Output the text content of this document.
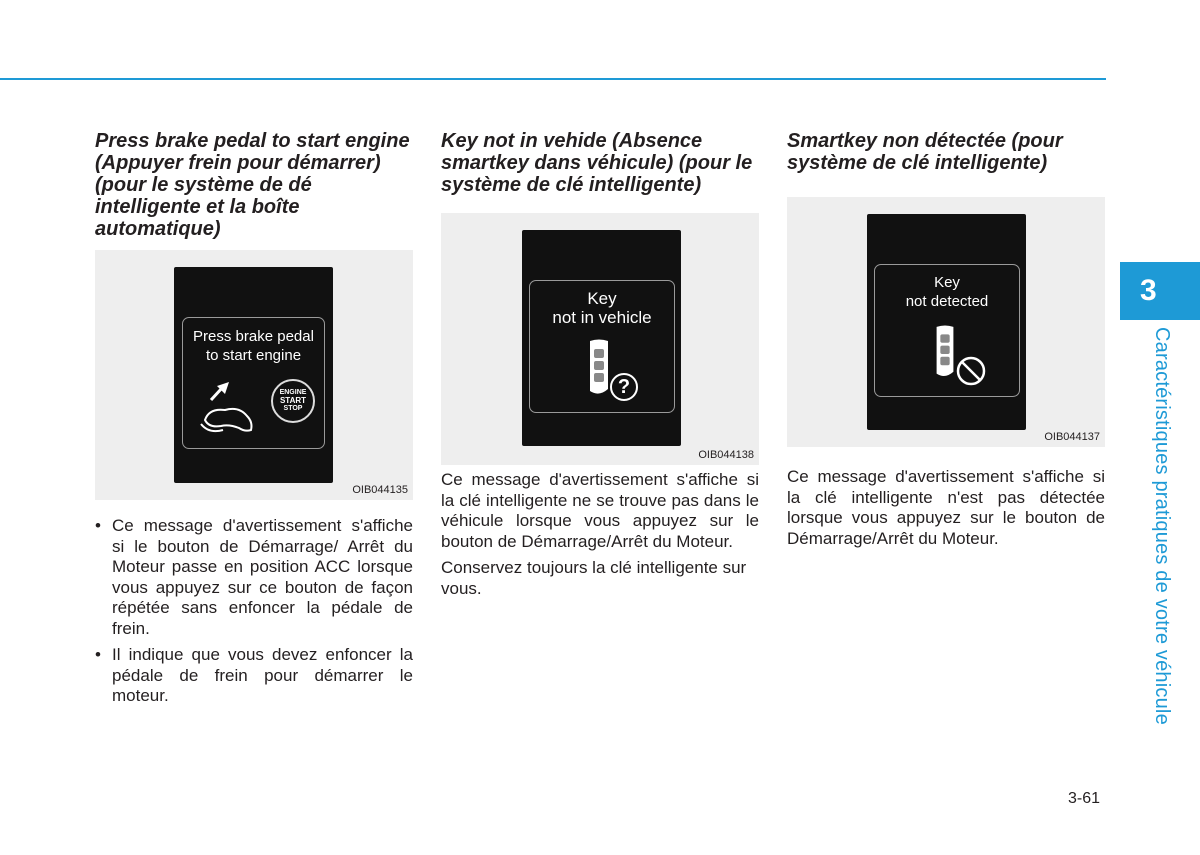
3
Caractéristiques pratiques de votre véhicule

Press brake pedal to start engine (Appuyer frein pour démarrer) (pour le système de dé intelligente et la boîte automatique)

Press brake pedal
to start engine
ENGINE
START
STOP
OIB044135
• Ce message d'avertissement s'affiche si le bouton de Démarrage/ Arrêt du Moteur passe en position ACC lorsque vous appuyez sur ce bouton de façon répétée sans enfoncer la pédale de frein.
• Il indique que vous devez enfoncer la pédale de frein pour démarrer le moteur.

Key not in vehide (Absence smartkey dans véhicule) (pour le système de clé intelligente)

Key
not in vehicle
?
OIB044138

Ce message d'avertissement s'affiche si la clé intelligente ne se trouve pas dans le véhicule lorsque vous appuyez sur le bouton de Démarrage/Arrêt du Moteur.

Conservez toujours la clé intelligente sur vous.

Smartkey non détectée (pour système de clé intelligente)

Key
not detected
OIB044137

Ce message d'avertissement s'affiche si la clé intelligente n'est pas détectée lorsque vous appuyez sur le bouton de Démarrage/Arrêt du Moteur.

3-61
